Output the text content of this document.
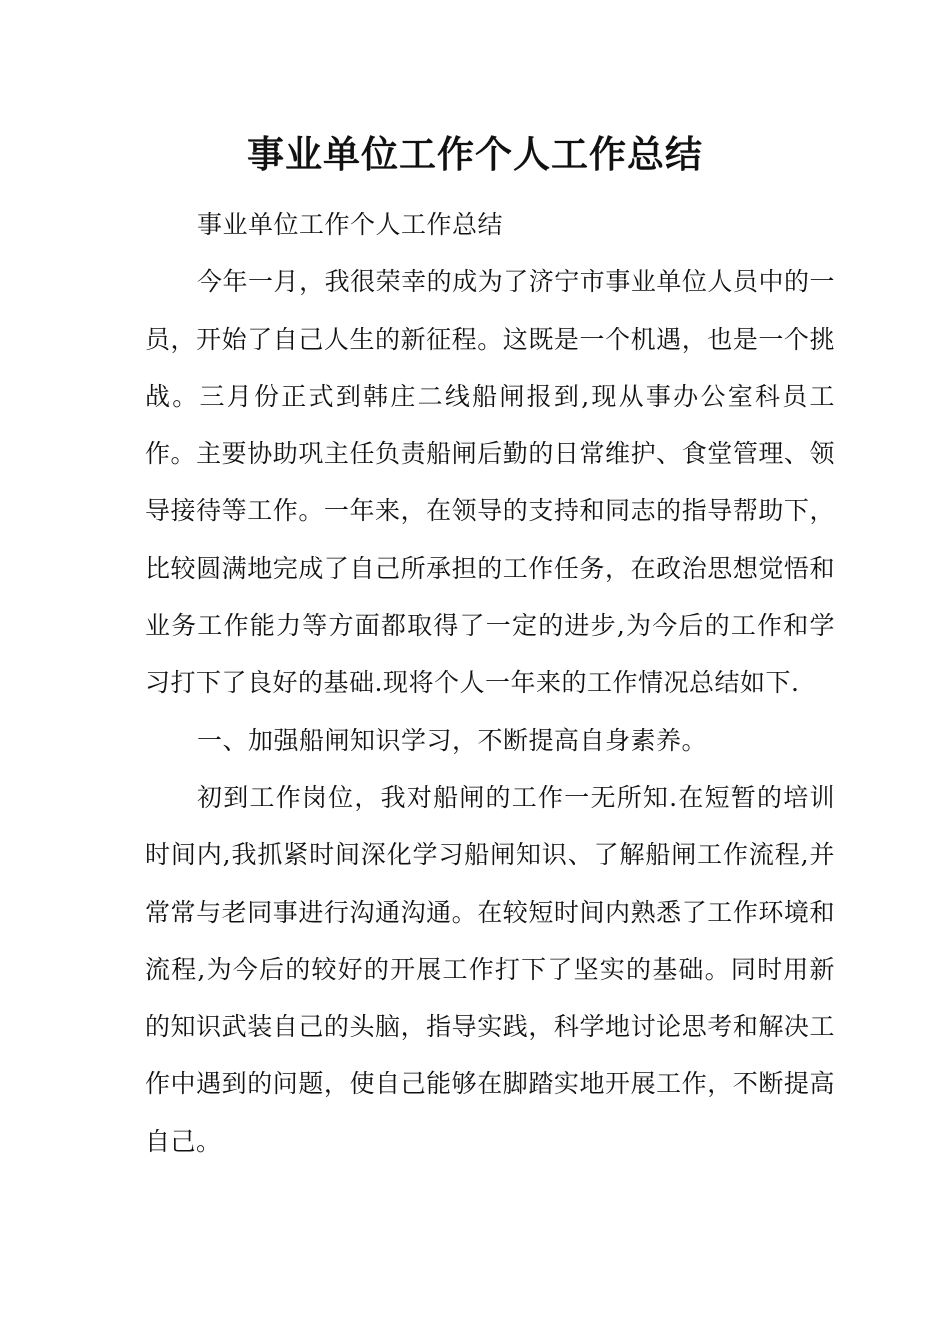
事业单位工作个人工作总结

事业单位工作个人工作总结

今年一月，我很荣幸的成为了济宁市事业单位人员中的一员，开始了自己人生的新征程。这既是一个机遇，也是一个挑战。三月份正式到韩庄二线船闸报到,现从事办公室科员工作。主要协助巩主任负责船闸后勤的日常维护、食堂管理、领导接待等工作。一年来，在领导的支持和同志的指导帮助下，比较圆满地完成了自己所承担的工作任务，在政治思想觉悟和业务工作能力等方面都取得了一定的进步,为今后的工作和学习打下了良好的基础.现将个人一年来的工作情况总结如下.

一、加强船闸知识学习，不断提高自身素养。

初到工作岗位，我对船闸的工作一无所知.在短暂的培训时间内,我抓紧时间深化学习船闸知识、了解船闸工作流程,并常常与老同事进行沟通沟通。在较短时间内熟悉了工作环境和流程,为今后的较好的开展工作打下了坚实的基础。同时用新的知识武装自己的头脑，指导实践，科学地讨论思考和解决工作中遇到的问题，使自己能够在脚踏实地开展工作，不断提高自己。
